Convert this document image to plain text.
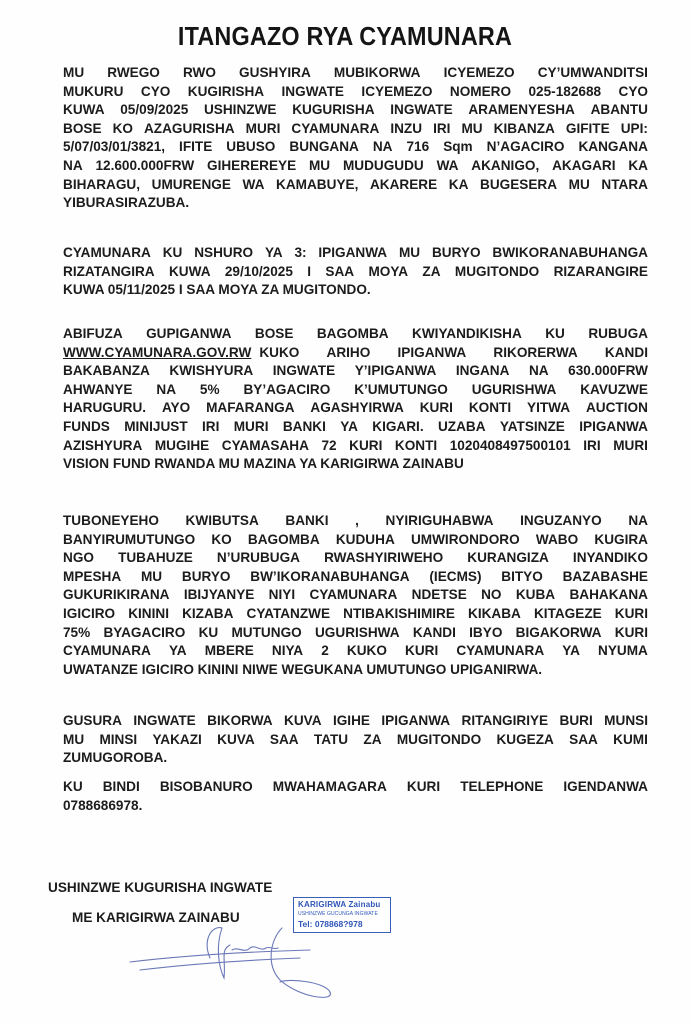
ITANGAZO RYA CYAMUNARA
MU RWEGO RWO GUSHYIRA MUBIKORWA ICYEMEZO CY’UMWANDITSI
MUKURU CYO KUGIRISHA INGWATE ICYEMEZO NOMERO 025-182688 CYO
KUWA 05/09/2025 USHINZWE KUGURISHA INGWATE ARAMENYESHA ABANTU
BOSE KO AZAGURISHA MURI CYAMUNARA INZU IRI MU KIBANZA GIFITE UPI:
5/07/03/01/3821, IFITE UBUSO BUNGANA NA 716 Sqm N’AGACIRO KANGANA
NA 12.600.000FRW GIHEREREYE MU MUDUGUDU WA AKANIGO, AKAGARI KA
BIHARAGU, UMURENGE WA KAMABUYE, AKARERE KA BUGESERA MU NTARA
YIBURASIRAZUBA.
CYAMUNARA KU NSHURO YA 3: IPIGANWA MU BURYO BWIKORANABUHANGA
RIZATANGIRA KUWA 29/10/2025 I SAA MOYA ZA MUGITONDO RIZARANGIRE
KUWA 05/11/2025 I SAA MOYA ZA MUGITONDO.
ABIFUZA GUPIGANWA BOSE BAGOMBA KWIYANDIKISHA KU RUBUGA
WWW.CYAMUNARA.GOV.RW KUKO ARIHO IPIGANWA RIKORERWA KANDI
BAKABANZA KWISHYURA INGWATE Y’IPIGANWA INGANA NA 630.000FRW
AHWANYE NA 5% BY’AGACIRO K’UMUTUNGO UGURISHWA KAVUZWE
HARUGURU. AYO MAFARANGA AGASHYIRWA KURI KONTI YITWA AUCTION
FUNDS MINIJUST IRI MURI BANKI YA KIGARI. UZABA YATSINZE IPIGANWA
AZISHYURA MUGIHE CYAMASAHA 72 KURI KONTI 1020408497500101 IRI MURI
VISION FUND RWANDA MU MAZINA YA KARIGIRWA ZAINABU
TUBONEYEHO KWIBUTSA BANKI , NYIRIGUHABWA INGUZANYO NA
BANYIRUMUTUNGO KO BAGOMBA KUDUHA UMWIRONDORO WABO KUGIRA
NGO TUBAHUZE N’URUBUGA RWASHYIRIWEHO KURANGIZA INYANDIKO
MPESHA MU BURYO BW’IKORANABUHANGA (IECMS) BITYO BAZABASHE
GUKURIKIRANA IBIJYANYE NIYI CYAMUNARA NDETSE NO KUBA BAHAKANA
IGICIRO KININI KIZABA CYATANZWE NTIBAKISHIMIRE KIKABA KITAGEZE KURI
75% BYAGACIRO KU MUTUNGO UGURISHWA KANDI IBYO BIGAKORWA KURI
CYAMUNARA YA MBERE NIYA 2 KUKO KURI CYAMUNARA YA NYUMA
UWATANZE IGICIRO KININI NIWE WEGUKANA UMUTUNGO UPIGANIRWA.
GUSURA INGWATE BIKORWA KUVA IGIHE IPIGANWA RITANGIRIYE BURI MUNSI
MU MINSI YAKAZI KUVA SAA TATU ZA MUGITONDO KUGEZA SAA KUMI
ZUMUGOROBA.
KU BINDI BISOBANURO MWAHAMAGARA KURI TELEPHONE IGENDANWA
0788686978.
USHINZWE KUGURISHA INGWATE
ME KARIGIRWA ZAINABU
KARIGIRWA Zainabu
USHINZWE GUCUNGA INGWATE
Tel: 078868?978
